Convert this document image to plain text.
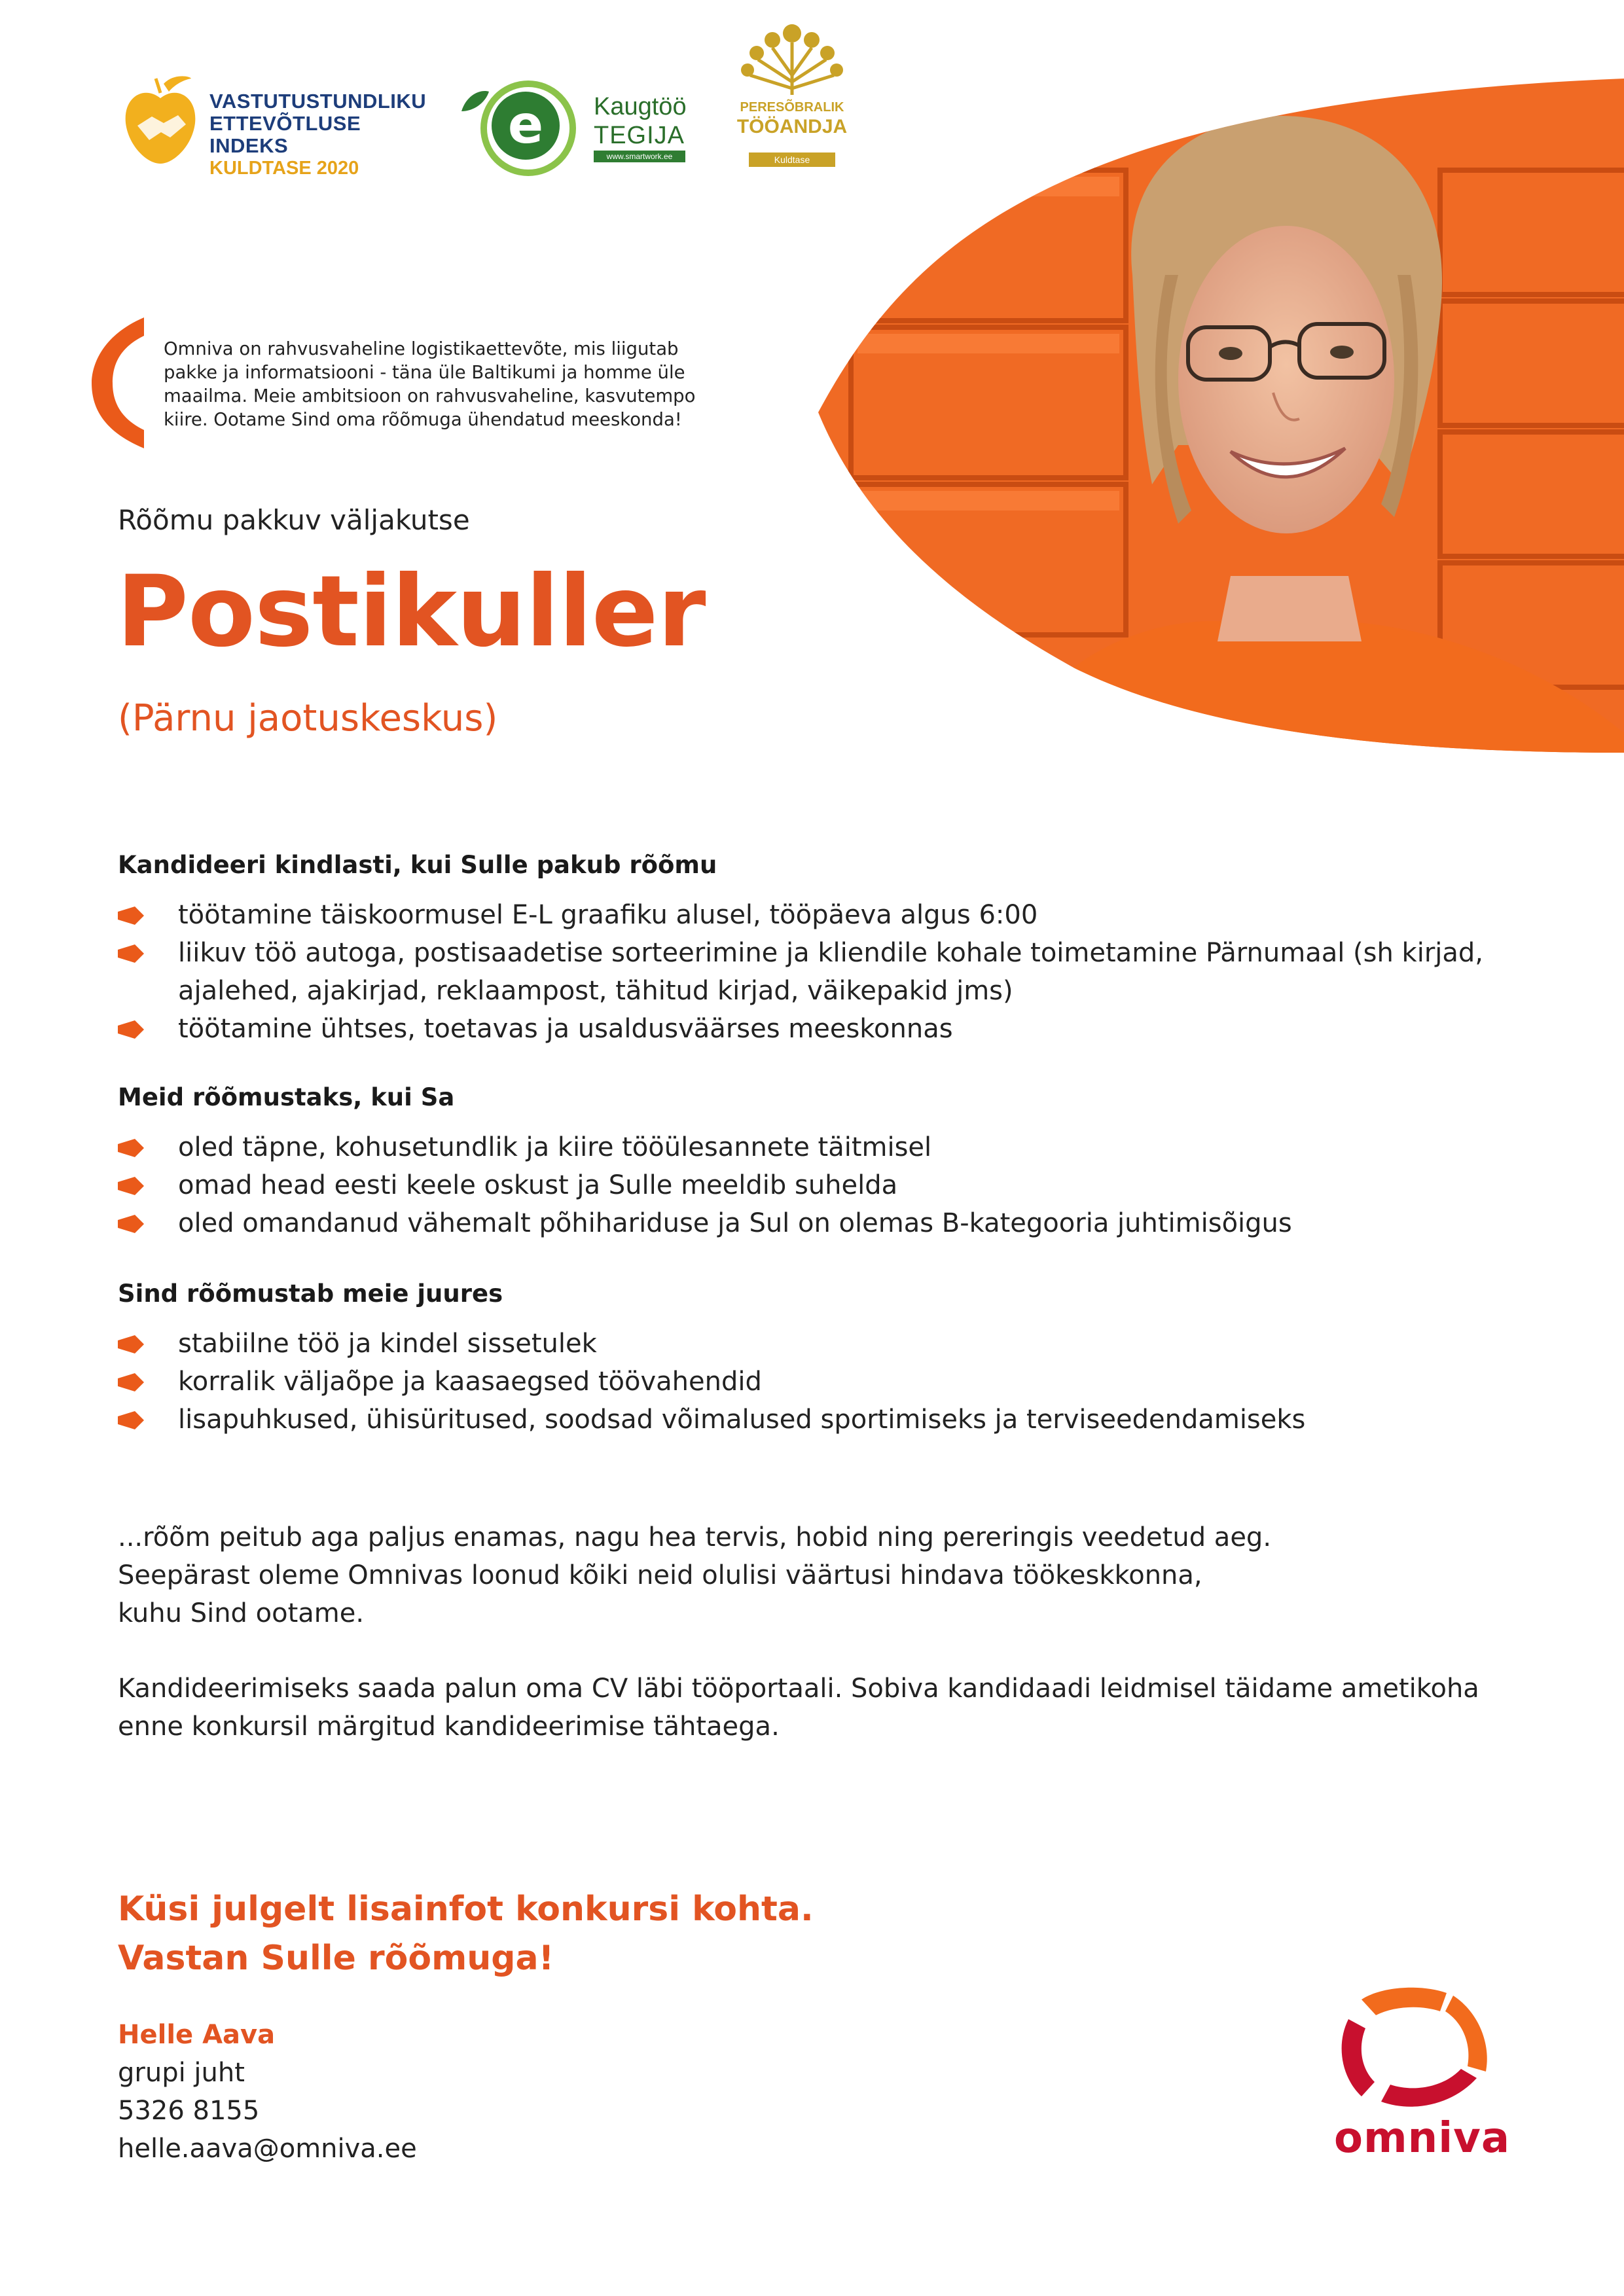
VASTUTUSTUNDLIKU
ETTEVÕTLUSE INDEKS
KULDTASE 2020
e Kaugtöö
TEGIJA
www.smartwork.ee
PERESÕBRALIK
TÖÖANDJA
Kuldtase
Omniva on rahvusvaheline logistikaettevõte, mis liigutab
pakke ja informatsiooni - täna üle Baltikumi ja homme üle
maailma. Meie ambitsioon on rahvusvaheline, kasvutempo
kiire. Ootame Sind oma rõõmuga ühendatud meeskonda!
Rõõmu pakkuv väljakutse
Postikuller
(Pärnu jaotuskeskus)
Kandideeri kindlasti, kui Sulle pakub rõõmu
töötamine täiskoormusel E-L graafiku alusel, tööpäeva algus 6:00
liikuv töö autoga, postisaadetise sorteerimine ja kliendile kohale toimetamine Pärnumaal (sh kirjad,
ajalehed, ajakirjad, reklaampost, tähitud kirjad, väikepakid jms)
töötamine ühtses, toetavas ja usaldusväärses meeskonnas
Meid rõõmustaks, kui Sa
oled täpne, kohusetundlik ja kiire tööülesannete täitmisel
omad head eesti keele oskust ja Sulle meeldib suhelda
oled omandanud vähemalt põhihariduse ja Sul on olemas B-kategooria juhtimisõigus
Sind rõõmustab meie juures
stabiilne töö ja kindel sissetulek
korralik väljaõpe ja kaasaegsed töövahendid
lisapuhkused, ühisüritused, soodsad võimalused sportimiseks ja terviseedendamiseks
...rõõm peitub aga paljus enamas, nagu hea tervis, hobid ning pereringis veedetud aeg.
Seepärast oleme Omnivas loonud kõiki neid olulisi väärtusi hindava töökeskkonna,
kuhu Sind ootame.
Kandideerimiseks saada palun oma CV läbi tööportaali. Sobiva kandidaadi leidmisel täidame ametikoha
enne konkursil märgitud kandideerimise tähtaega.
Küsi julgelt lisainfot konkursi kohta.
Vastan Sulle rõõmuga!
Helle Aava
grupi juht
5326 8155
helle.aava@omniva.ee	omniva
